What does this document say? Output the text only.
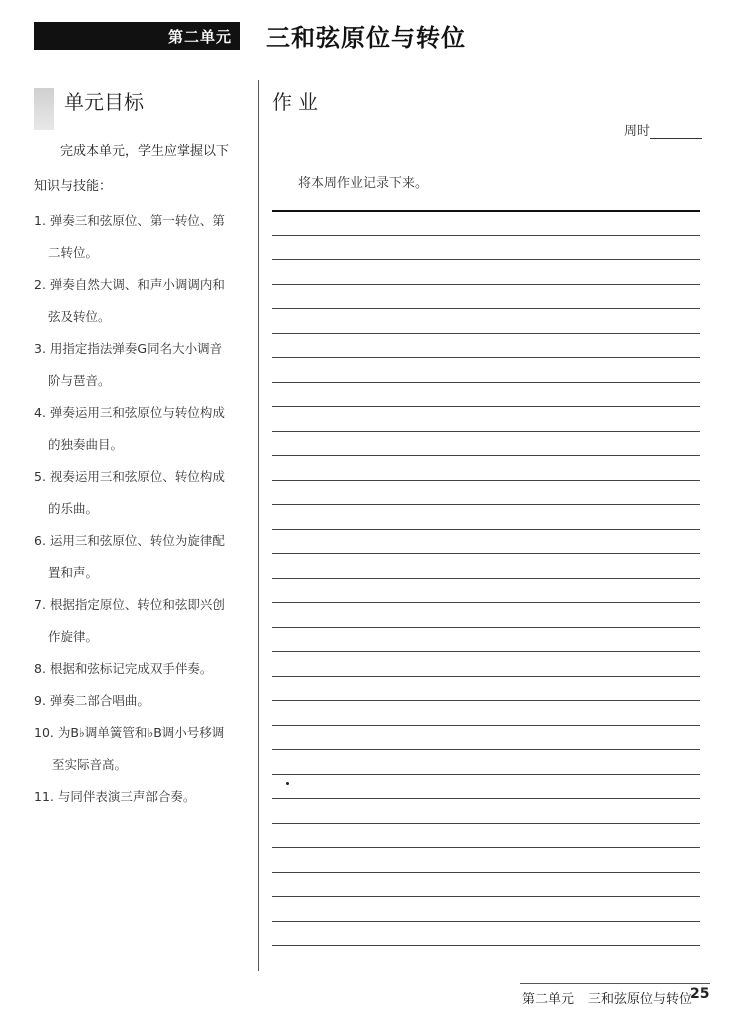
第二单元 三和弦原位与转位
单元目标
完成本单元，学生应掌握以下
知识与技能：
1. 弹奏三和弦原位、第一转位、第
二转位。
2. 弹奏自然大调、和声小调调内和
弦及转位。
3. 用指定指法弹奏G同名大小调音
阶与琶音。
4. 弹奏运用三和弦原位与转位构成
的独奏曲目。
5. 视奏运用三和弦原位、转位构成
的乐曲。
6. 运用三和弦原位、转位为旋律配
置和声。
7. 根据指定原位、转位和弦即兴创
作旋律。
8. 根据和弦标记完成双手伴奏。
9. 弹奏二部合唱曲。
10. 为B♭调单簧管和♭B调小号移调
至实际音高。
11. 与同伴表演三声部合奏。
作业
周时
将本周作业记录下来。
第二单元 三和弦原位与转位
25
